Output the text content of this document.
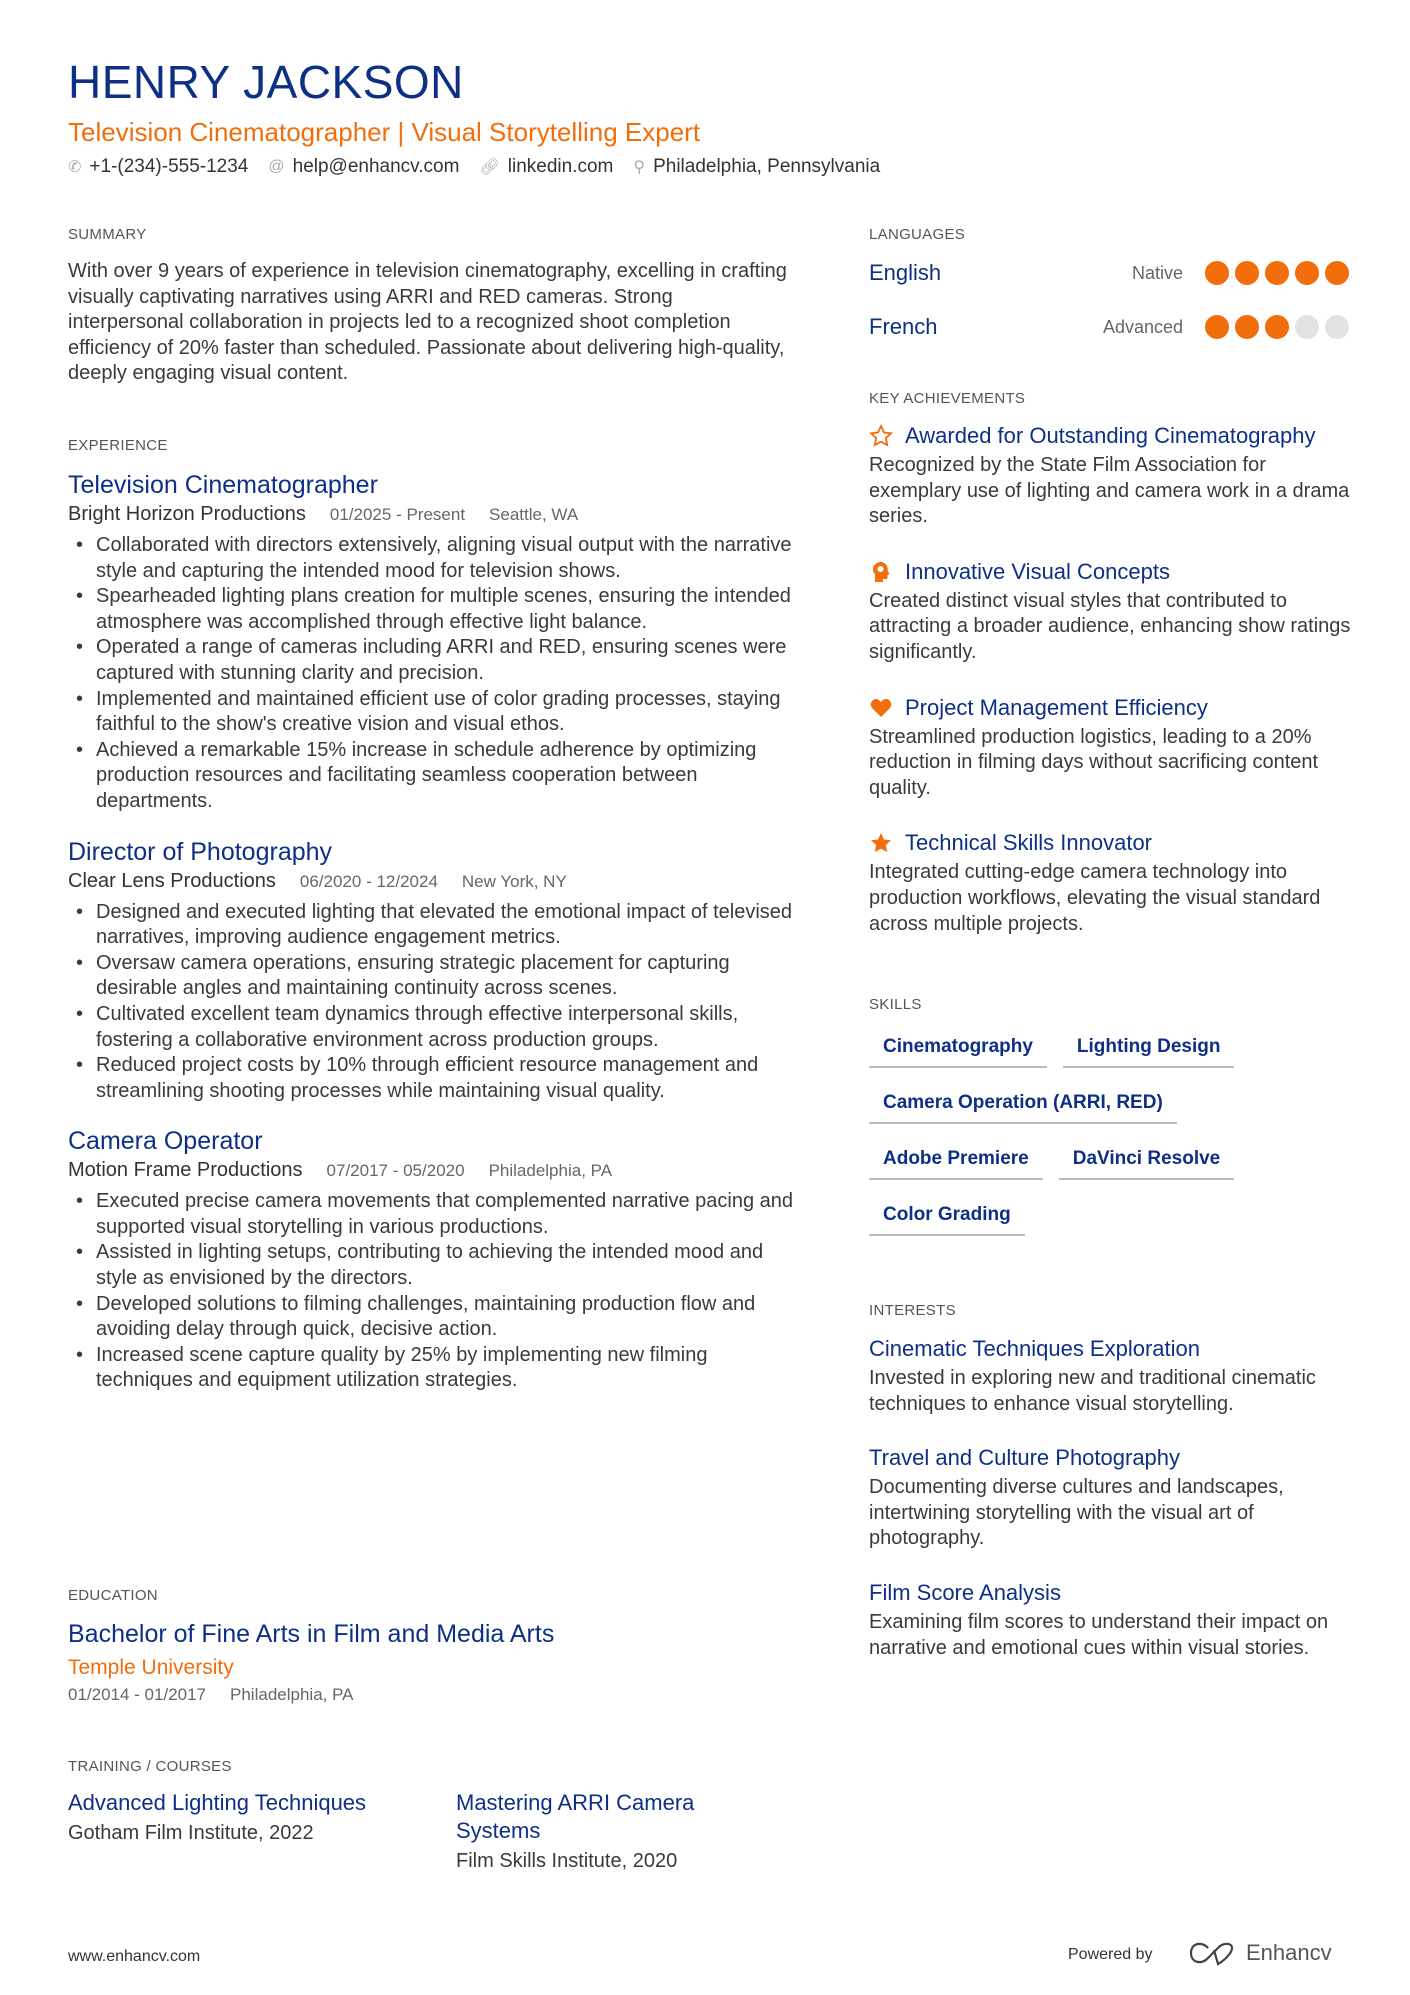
HENRY JACKSON
Television Cinematographer | Visual Storytelling Expert
✆ +1-(234)-555-1234 @ help@enhancv.com 🔗︎ linkedin.com ⚲ Philadelphia, Pennsylvania
SUMMARY
With over 9 years of experience in television cinematography, excelling in crafting visually captivating narratives using ARRI and RED cameras. Strong interpersonal collaboration in projects led to a recognized shoot completion efficiency of 20% faster than scheduled. Passionate about delivering high-quality, deeply engaging visual content.
EXPERIENCE
Television Cinematographer
Bright Horizon Productions 01/2025 - Present Seattle, WA
• Collaborated with directors extensively, aligning visual output with the narrative style and capturing the intended mood for television shows.
• Spearheaded lighting plans creation for multiple scenes, ensuring the intended atmosphere was accomplished through effective light balance.
• Operated a range of cameras including ARRI and RED, ensuring scenes were captured with stunning clarity and precision.
• Implemented and maintained efficient use of color grading processes, staying faithful to the show's creative vision and visual ethos.
• Achieved a remarkable 15% increase in schedule adherence by optimizing production resources and facilitating seamless cooperation between departments.
Director of Photography
Clear Lens Productions 06/2020 - 12/2024 New York, NY
• Designed and executed lighting that elevated the emotional impact of televised narratives, improving audience engagement metrics.
• Oversaw camera operations, ensuring strategic placement for capturing desirable angles and maintaining continuity across scenes.
• Cultivated excellent team dynamics through effective interpersonal skills, fostering a collaborative environment across production groups.
• Reduced project costs by 10% through efficient resource management and streamlining shooting processes while maintaining visual quality.
Camera Operator
Motion Frame Productions 07/2017 - 05/2020 Philadelphia, PA
• Executed precise camera movements that complemented narrative pacing and supported visual storytelling in various productions.
• Assisted in lighting setups, contributing to achieving the intended mood and style as envisioned by the directors.
• Developed solutions to filming challenges, maintaining production flow and avoiding delay through quick, decisive action.
• Increased scene capture quality by 25% by implementing new filming techniques and equipment utilization strategies.
EDUCATION
Bachelor of Fine Arts in Film and Media Arts
Temple University
01/2014 - 01/2017 Philadelphia, PA
TRAINING / COURSES
Advanced Lighting Techniques
Gotham Film Institute, 2022
Mastering ARRI Camera Systems
Film Skills Institute, 2020
LANGUAGES
English	Native
French	Advanced
KEY ACHIEVEMENTS
Awarded for Outstanding Cinematography
Recognized by the State Film Association for exemplary use of lighting and camera work in a drama series.
Innovative Visual Concepts
Created distinct visual styles that contributed to attracting a broader audience, enhancing show ratings significantly.
Project Management Efficiency
Streamlined production logistics, leading to a 20% reduction in filming days without sacrificing content quality.
Technical Skills Innovator
Integrated cutting-edge camera technology into production workflows, elevating the visual standard across multiple projects.
SKILLS
Cinematography Lighting Design
Camera Operation (ARRI, RED)
Adobe Premiere DaVinci Resolve
Color Grading
INTERESTS
Cinematic Techniques Exploration
Invested in exploring new and traditional cinematic techniques to enhance visual storytelling.
Travel and Culture Photography
Documenting diverse cultures and landscapes, intertwining storytelling with the visual art of photography.
Film Score Analysis
Examining film scores to understand their impact on narrative and emotional cues within visual stories.
www.enhancv.com	Powered by	Enhancv
